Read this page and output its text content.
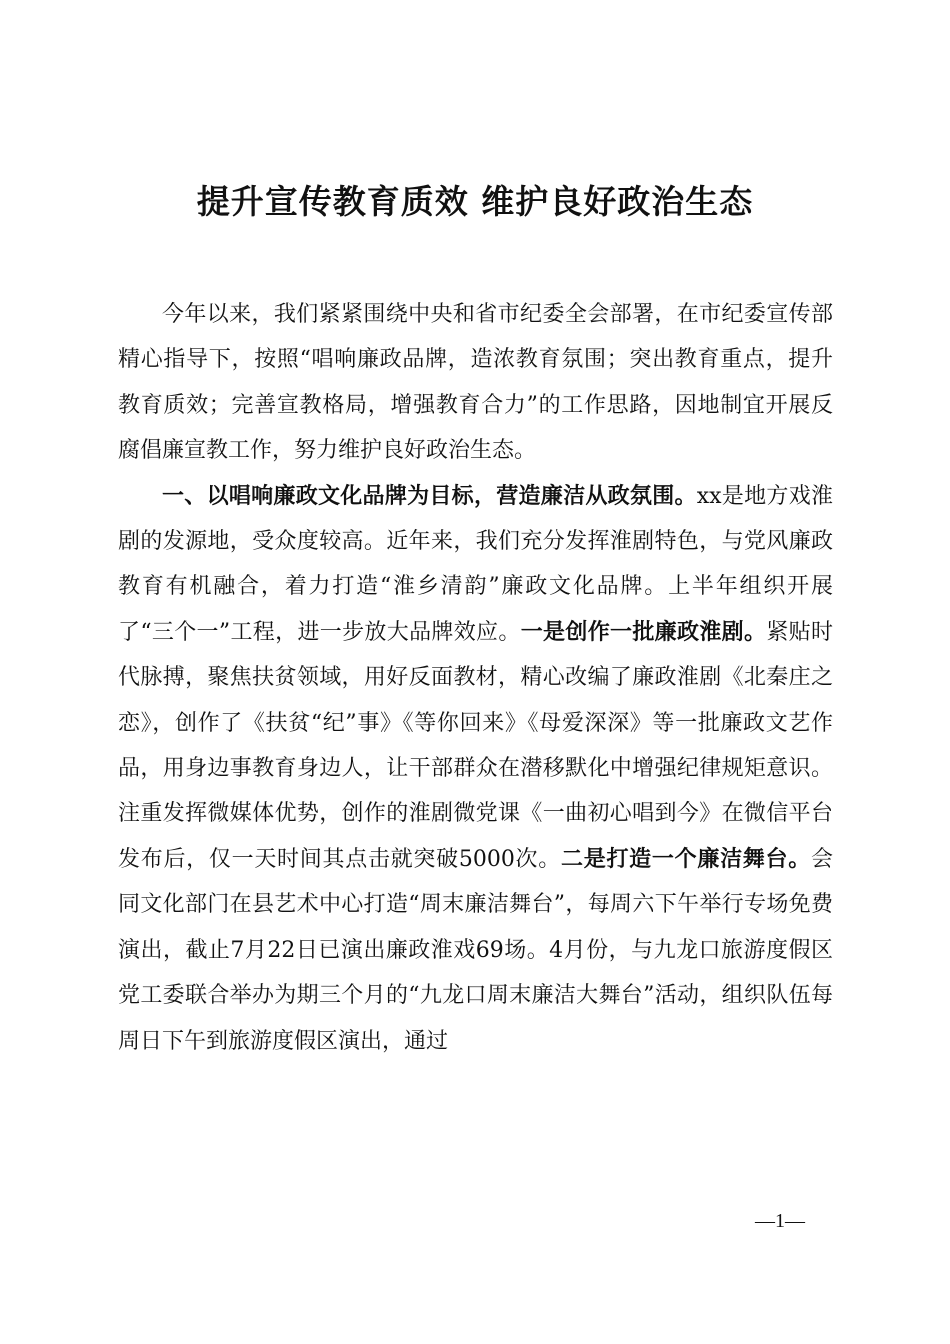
提升宣传教育质效 维护良好政治生态

今年以来，我们紧紧围绕中央和省市纪委全会部署，在市纪委宣传部精心指导下，按照“唱响廉政品牌，造浓教育氛围；突出教育重点，提升教育质效；完善宣教格局，增强教育合力”的工作思路，因地制宜开展反腐倡廉宣教工作，努力维护良好政治生态。

一、以唱响廉政文化品牌为目标，营造廉洁从政氛围。xx是地方戏淮剧的发源地，受众度较高。近年来，我们充分发挥淮剧特色，与党风廉政教育有机融合，着力打造“淮乡清韵”廉政文化品牌。上半年组织开展了“三个一”工程，进一步放大品牌效应。一是创作一批廉政淮剧。紧贴时代脉搏，聚焦扶贫领域，用好反面教材，精心改编了廉政淮剧《北秦庄之恋》，创作了《扶贫“纪”事》《等你回来》《母爱深深》等一批廉政文艺作品，用身边事教育身边人，让干部群众在潜移默化中增强纪律规矩意识。注重发挥微媒体优势，创作的淮剧微党课《一曲初心唱到今》在微信平台发布后，仅一天时间其点击就突破5000次。二是打造一个廉洁舞台。会同文化部门在县艺术中心打造“周末廉洁舞台”，每周六下午举行专场免费演出，截止7月22日已演出廉政淮戏69场。4月份，与九龙口旅游度假区党工委联合举办为期三个月的“九龙口周末廉洁大舞台”活动，组织队伍每周日下午到旅游度假区演出，通过

—1—
